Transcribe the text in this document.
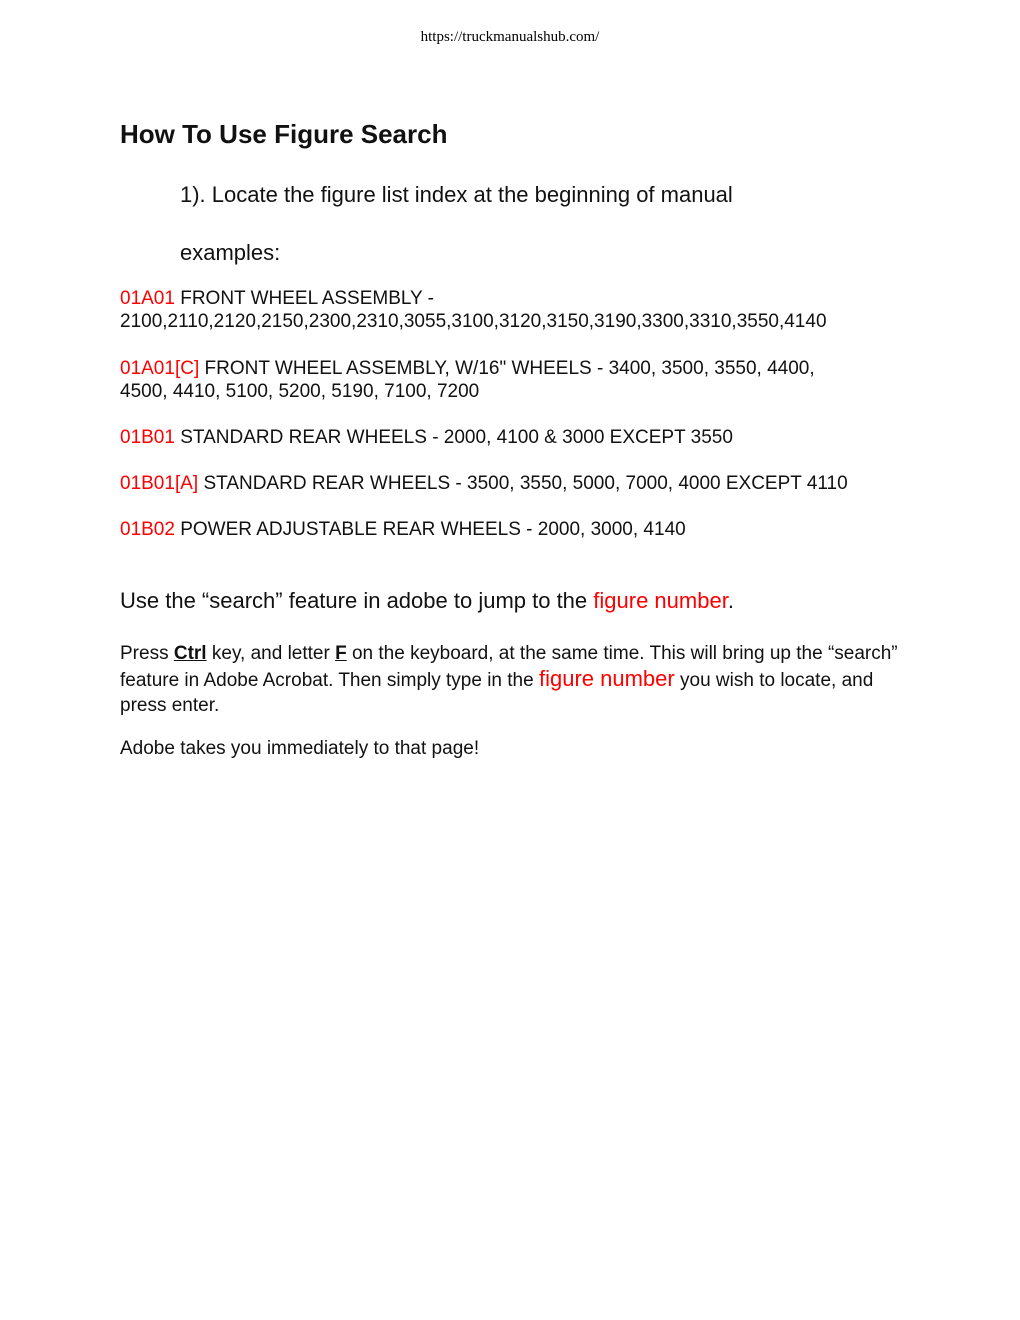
https://truckmanualshub.com/
How To Use Figure Search
1). Locate the figure list index at the beginning of manual
examples:
01A01 FRONT WHEEL ASSEMBLY -
2100,2110,2120,2150,2300,2310,3055,3100,3120,3150,3190,3300,3310,3550,4140
01A01[C] FRONT WHEEL ASSEMBLY, W/16" WHEELS - 3400, 3500, 3550, 4400,
4500, 4410, 5100, 5200, 5190, 7100, 7200
01B01 STANDARD REAR WHEELS - 2000, 4100 & 3000 EXCEPT 3550
01B01[A] STANDARD REAR WHEELS - 3500, 3550, 5000, 7000, 4000 EXCEPT 4110
01B02 POWER ADJUSTABLE REAR WHEELS - 2000, 3000, 4140
Use the “search” feature in adobe to jump to the figure number.
Press Ctrl key, and letter F on the keyboard, at the same time. This will bring up the “search” feature in Adobe Acrobat. Then simply type in the figure number you wish to locate, and press enter.
Adobe takes you immediately to that page!
